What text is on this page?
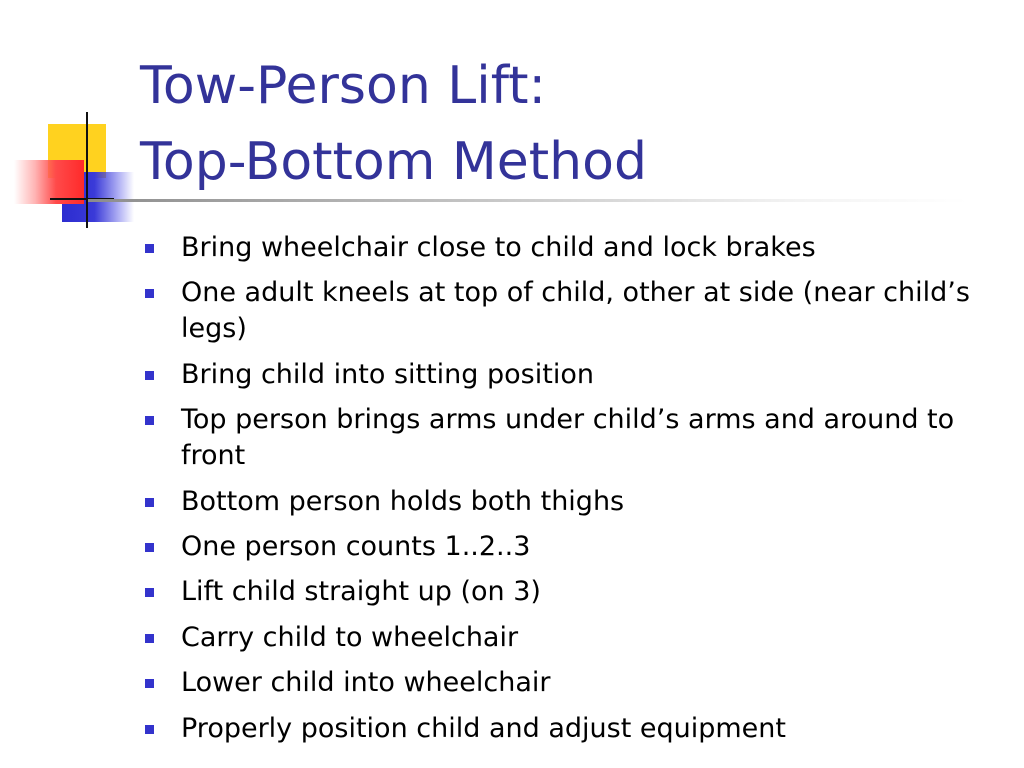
Tow-Person Lift:
Top-Bottom Method
Bring wheelchair close to child and lock brakes
One adult kneels at top of child, other at side (near child’s legs)
Bring child into sitting position
Top person brings arms under child’s arms and around to front
Bottom person holds both thighs
One person counts 1..2..3
Lift child straight up (on 3)
Carry child to wheelchair
Lower child into wheelchair
Properly position child and adjust equipment
